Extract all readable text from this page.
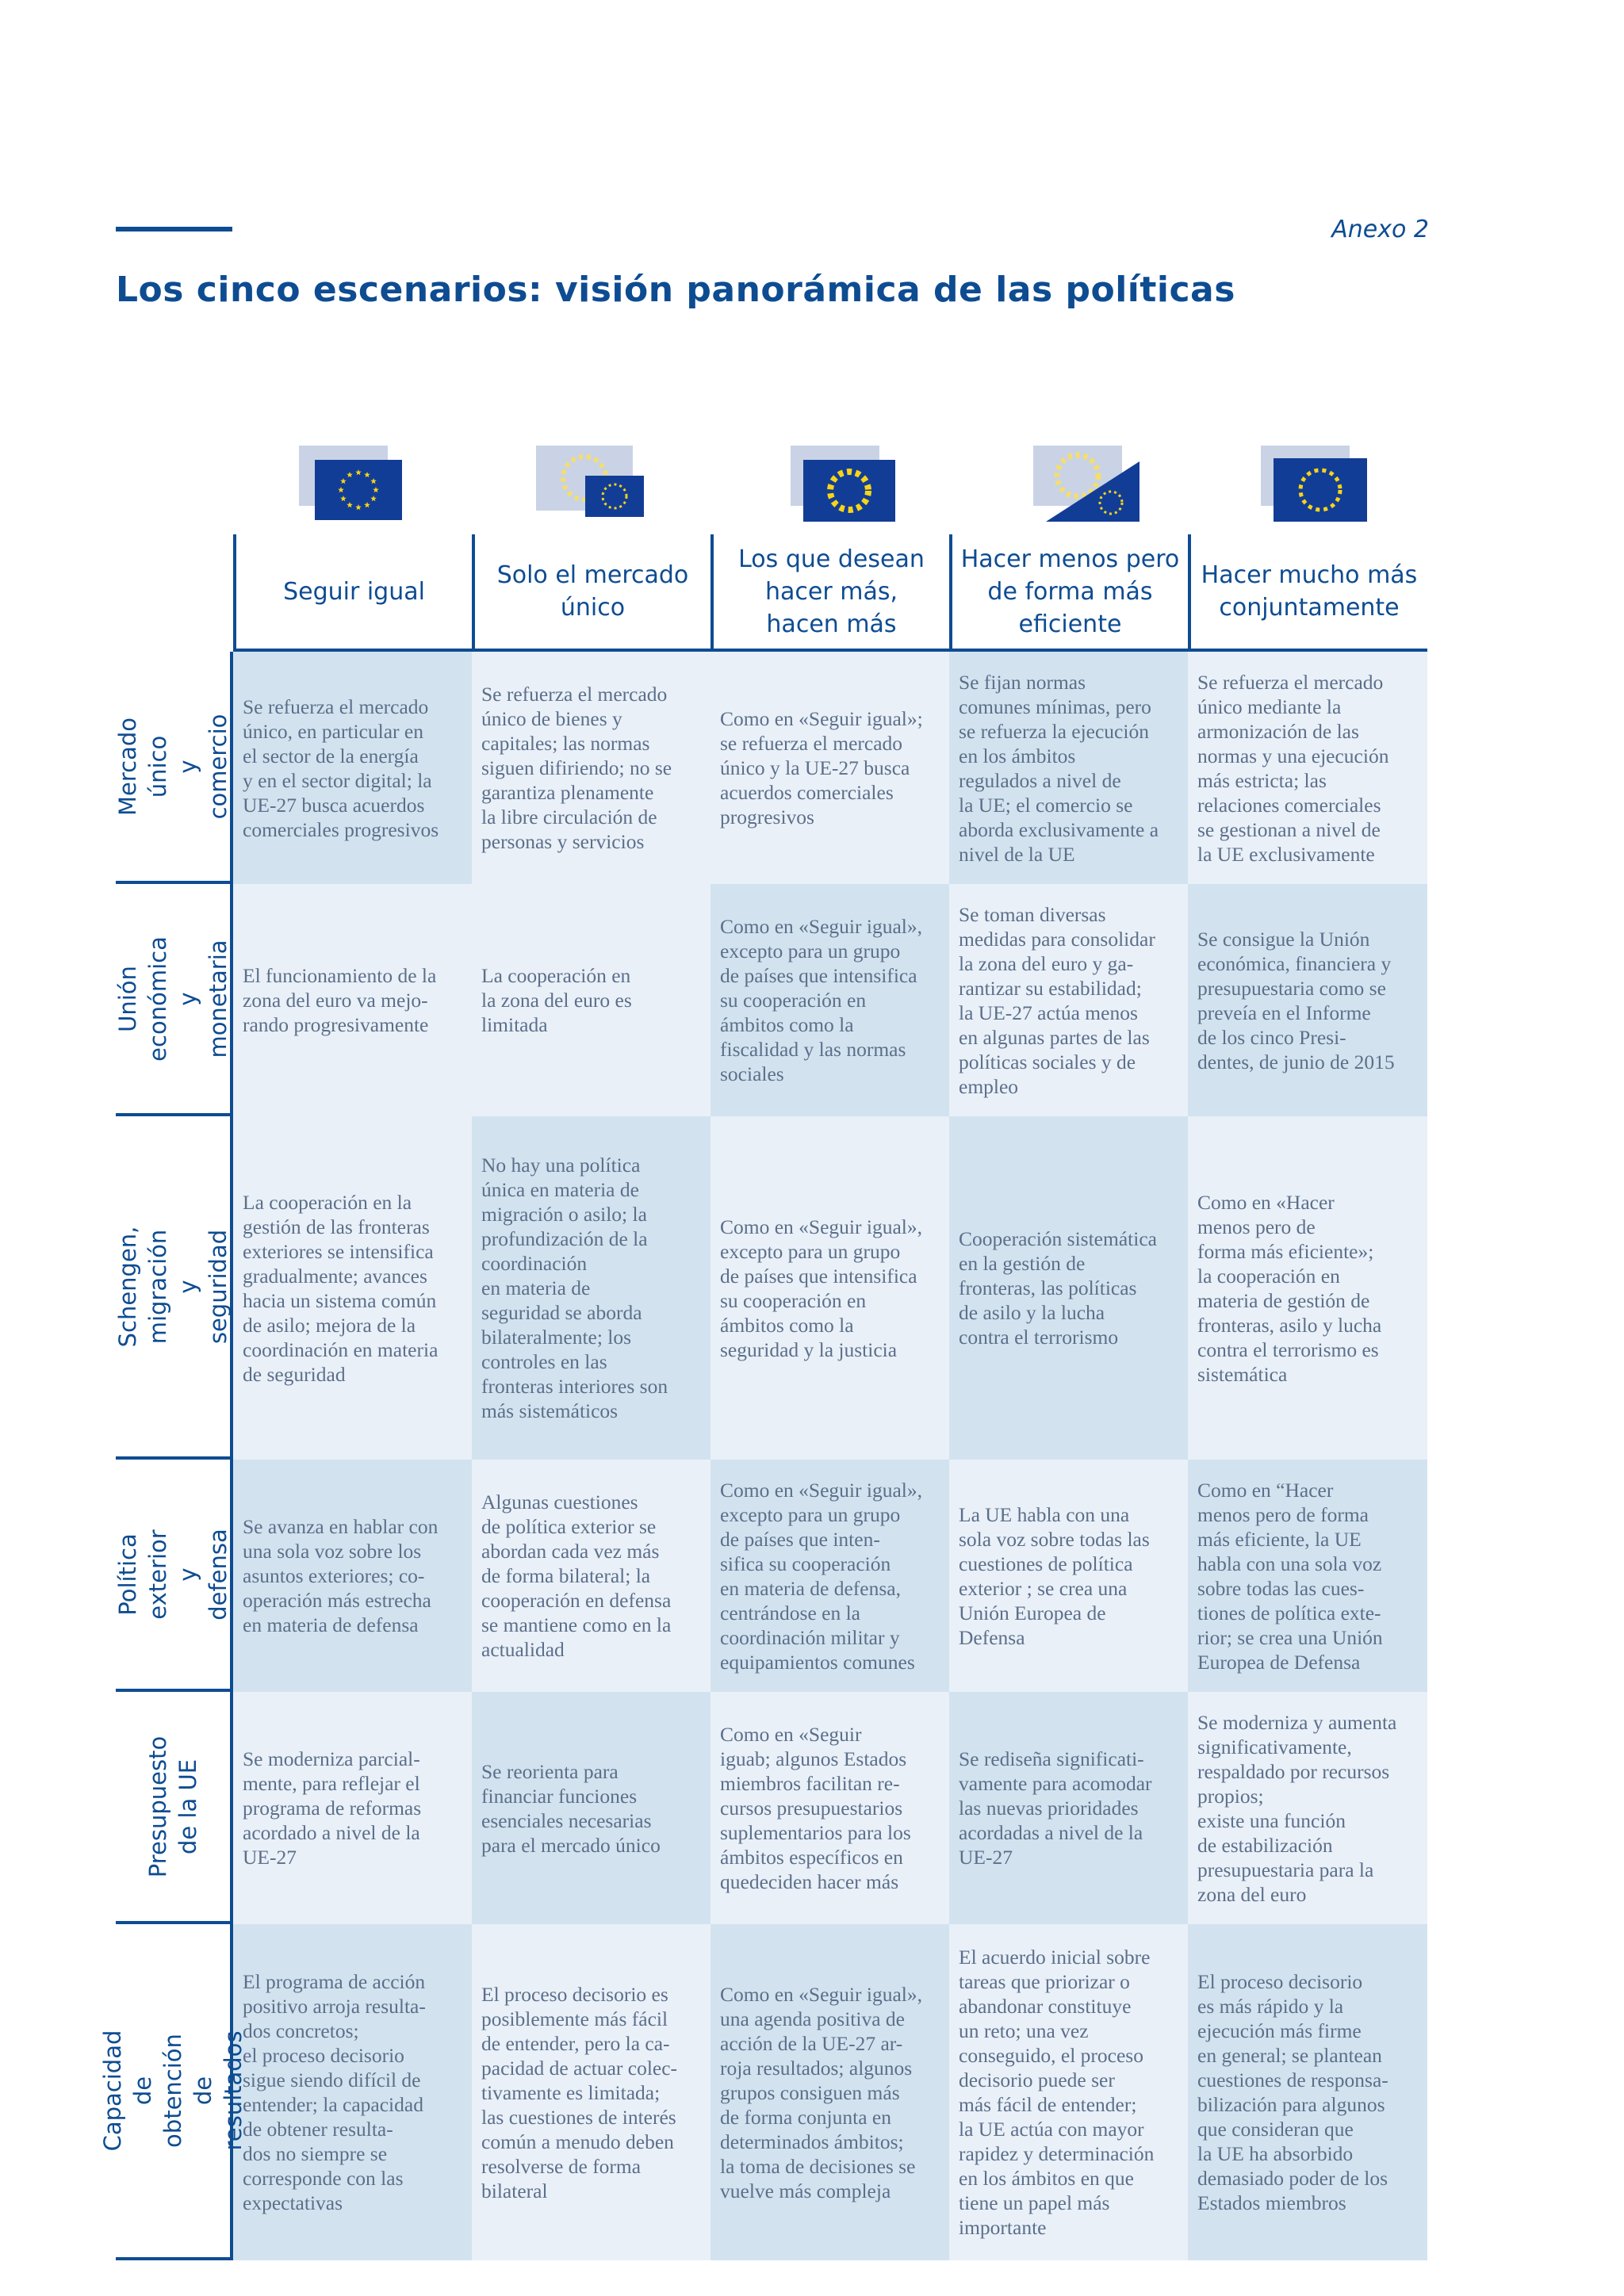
Anexo 2
Los cinco escenarios: visión panorámica de las políticas
Seguir igual
Solo el mercado
único
Los que desean
hacer más,
hacen más
Hacer menos pero
de forma más
eficiente
Hacer mucho más
conjuntamente
Mercado único
y comercio
Se refuerza el mercado
único, en particular en
el sector de la energía
y en el sector digital; la
UE-27 busca acuerdos
comerciales progresivos
Se refuerza el mercado
único de bienes y
capitales; las normas
siguen difiriendo; no se
garantiza plenamente
la libre circulación de
personas y servicios
Como en «Seguir igual»;
se refuerza el mercado
único y la UE-27 busca
acuerdos comerciales
progresivos
Se fijan normas
comunes mínimas, pero
se refuerza la ejecución
en los ámbitos
regulados a nivel de
la UE; el comercio se
aborda exclusivamente a
nivel de la UE
Se refuerza el mercado
único mediante la
armonización de las
normas y una ejecución
más estricta; las
relaciones comerciales
se gestionan a nivel de
la UE exclusivamente
Unión económica
y monetaria El funcionamiento de la
zona del euro va mejo-
rando progresivamente
La cooperación en
la zona del euro es
limitada
Como en «Seguir igual»,
excepto para un grupo
de países que intensifica
su cooperación en
ámbitos como la
fiscalidad y las normas
sociales
Se toman diversas
medidas para consolidar
la zona del euro y ga-
rantizar su estabilidad;
la UE-27 actúa menos
en algunas partes de las
políticas sociales y de
empleo
Se consigue la Unión
económica, financiera y
presupuestaria como se
preveía en el Informe
de los cinco Presi-
dentes, de junio de 2015
Schengen, migración
y seguridad
La cooperación en la
gestión de las fronteras
exteriores se intensifica
gradualmente; avances
hacia un sistema común
de asilo; mejora de la
coordinación en materia
de seguridad
No hay una política
única en materia de
migración o asilo; la
profundización de la
coordinación
en materia de
seguridad se aborda
bilateralmente; los
controles en las
fronteras interiores son
más sistemáticos
Como en «Seguir igual»,
excepto para un grupo
de países que intensifica
su cooperación en
ámbitos como la
seguridad y la justicia
Cooperación sistemática
en la gestión de
fronteras, las políticas
de asilo y la lucha
contra el terrorismo
Como en «Hacer
menos pero de
forma más eficiente»;
la cooperación en
materia de gestión de
fronteras, asilo y lucha
contra el terrorismo es
sistemática
Política exterior
y defensa
Se avanza en hablar con
una sola voz sobre los
asuntos exteriores; co-
operación más estrecha
en materia de defensa
Algunas cuestiones
de política exterior se
abordan cada vez más
de forma bilateral; la
cooperación en defensa
se mantiene como en la
actualidad
Como en «Seguir igual»,
excepto para un grupo
de países que inten-
sifica su cooperación
en materia de defensa,
centrándose en la
coordinación militar y
equipamientos comunes
La UE habla con una
sola voz sobre todas las
cuestiones de política
exterior ; se crea una
Unión Europea de
Defensa
Como en “Hacer
menos pero de forma
más eficiente, la UE
habla con una sola voz
sobre todas las cues-
tiones de política exte-
rior; se crea una Unión
Europea de Defensa
Presupuesto
de la UE	Se moderniza parcial-
mente, para reflejar el
programa de reformas
acordado a nivel de la
UE-27
Se reorienta para
financiar funciones
esenciales necesarias
para el mercado único
Como en «Seguir
iguab; algunos Estados
miembros facilitan re-
cursos presupuestarios
suplementarios para los
ámbitos específicos en
quedeciden hacer más
Se rediseña significati-
vamente para acomodar
las nuevas prioridades
acordadas a nivel de la
UE-27
Se moderniza y aumenta
significativamente,
respaldado por recursos
propios;
existe una función
de estabilización
presupuestaria para la
zona del euro
Capacidad de obtención de
resultados
El programa de acción
positivo arroja resulta-
dos concretos;
el proceso decisorio
sigue siendo difícil de
entender; la capacidad
de obtener resulta-
dos no siempre se
corresponde con las
expectativas
El proceso decisorio es
posiblemente más fácil
de entender, pero la ca-
pacidad de actuar colec-
tivamente es limitada;
las cuestiones de interés
común a menudo deben
resolverse de forma
bilateral
Como en «Seguir igual»,
una agenda positiva de
acción de la UE-27 ar-
roja resultados; algunos
grupos consiguen más
de forma conjunta en
determinados ámbitos;
la toma de decisiones se
vuelve más compleja
El acuerdo inicial sobre
tareas que priorizar o
abandonar constituye
un reto; una vez
conseguido, el proceso
decisorio puede ser
más fácil de entender;
la UE actúa con mayor
rapidez y determinación
en los ámbitos en que
tiene un papel más
importante
El proceso decisorio
es más rápido y la
ejecución más firme
en general; se plantean
cuestiones de responsa-
bilización para algunos
que consideran que
la UE ha absorbido
demasiado poder de los
Estados miembros
